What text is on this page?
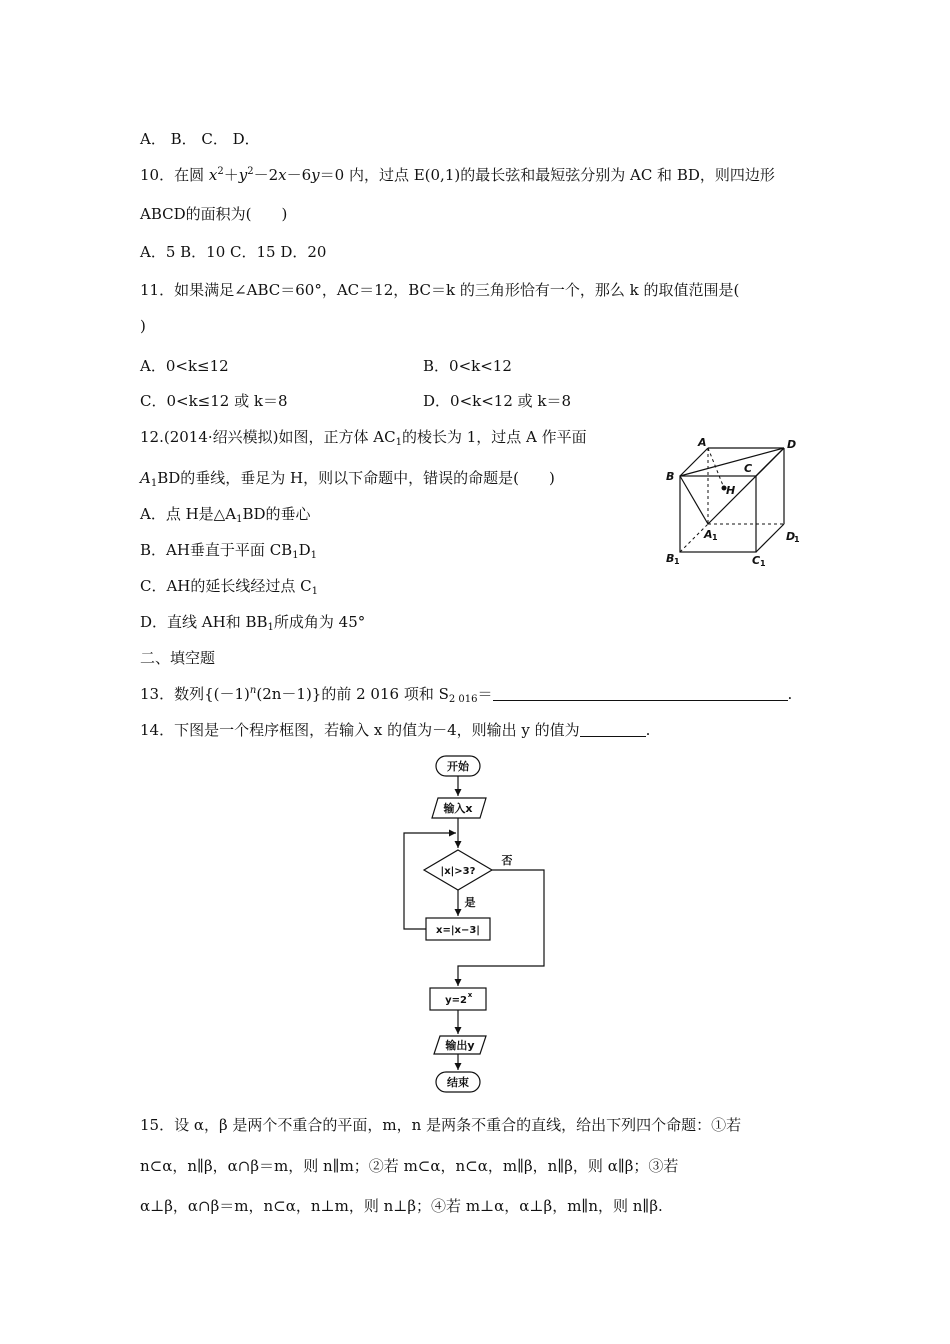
A． B． C． D．
10．在圆 $x^2+y^2-2x-6y=0$ 内，过点 E(0,1)的最长弦和最短弦分别为 AC 和 BD，则四边形
ABCD的面积为(　　)
A．5 B．10 C．15 D．20
11．如果满足∠ABC＝60°，AC＝12，BC＝k 的三角形恰有一个，那么 k 的取值范围是(
)
A．0<k≤12	B．0<k<12
C．0<k≤12 或 k＝8	D．0<k<12 或 k＝8
12.(2014·绍兴模拟)如图，正方体 $AC_1$的棱长为 1，过点 A 作平面
$A_1BD$的垂线，垂足为 H，则以下命题中，错误的命题是(　　)
A．点 H是$\triangle A_1BD$的垂心
B．AH垂直于平面 $CB_1D_1$
C．AH的延长线经过点 $C_1$
D．直线 AH和 $BB_1$所成角为 45°
A	D
B
C
H
A	D
B	C
1	1
1	1
二、填空题
13．数列$\{(-1)^n(2n-1)\}$的前 2 016 项和 $S_{2 016}=$	.
14．下图是一个程序框图，若输入 x 的值为－4，则输出 y 的值为	.
开始
输入x
|x|>3?
否
是
x=|x−3|
y=2 x
输出y
结束
15．设 α，β 是两个不重合的平面，m，n 是两条不重合的直线，给出下列四个命题：①若
n⊂α，n∥β，α∩β＝m，则 n∥m；②若 m⊂α，n⊂α，m∥β，n∥β，则 α∥β；③若
α⊥β，α∩β＝m，n⊂α，n⊥m，则 n⊥β；④若 m⊥α，α⊥β，m∥n，则 n∥β.
